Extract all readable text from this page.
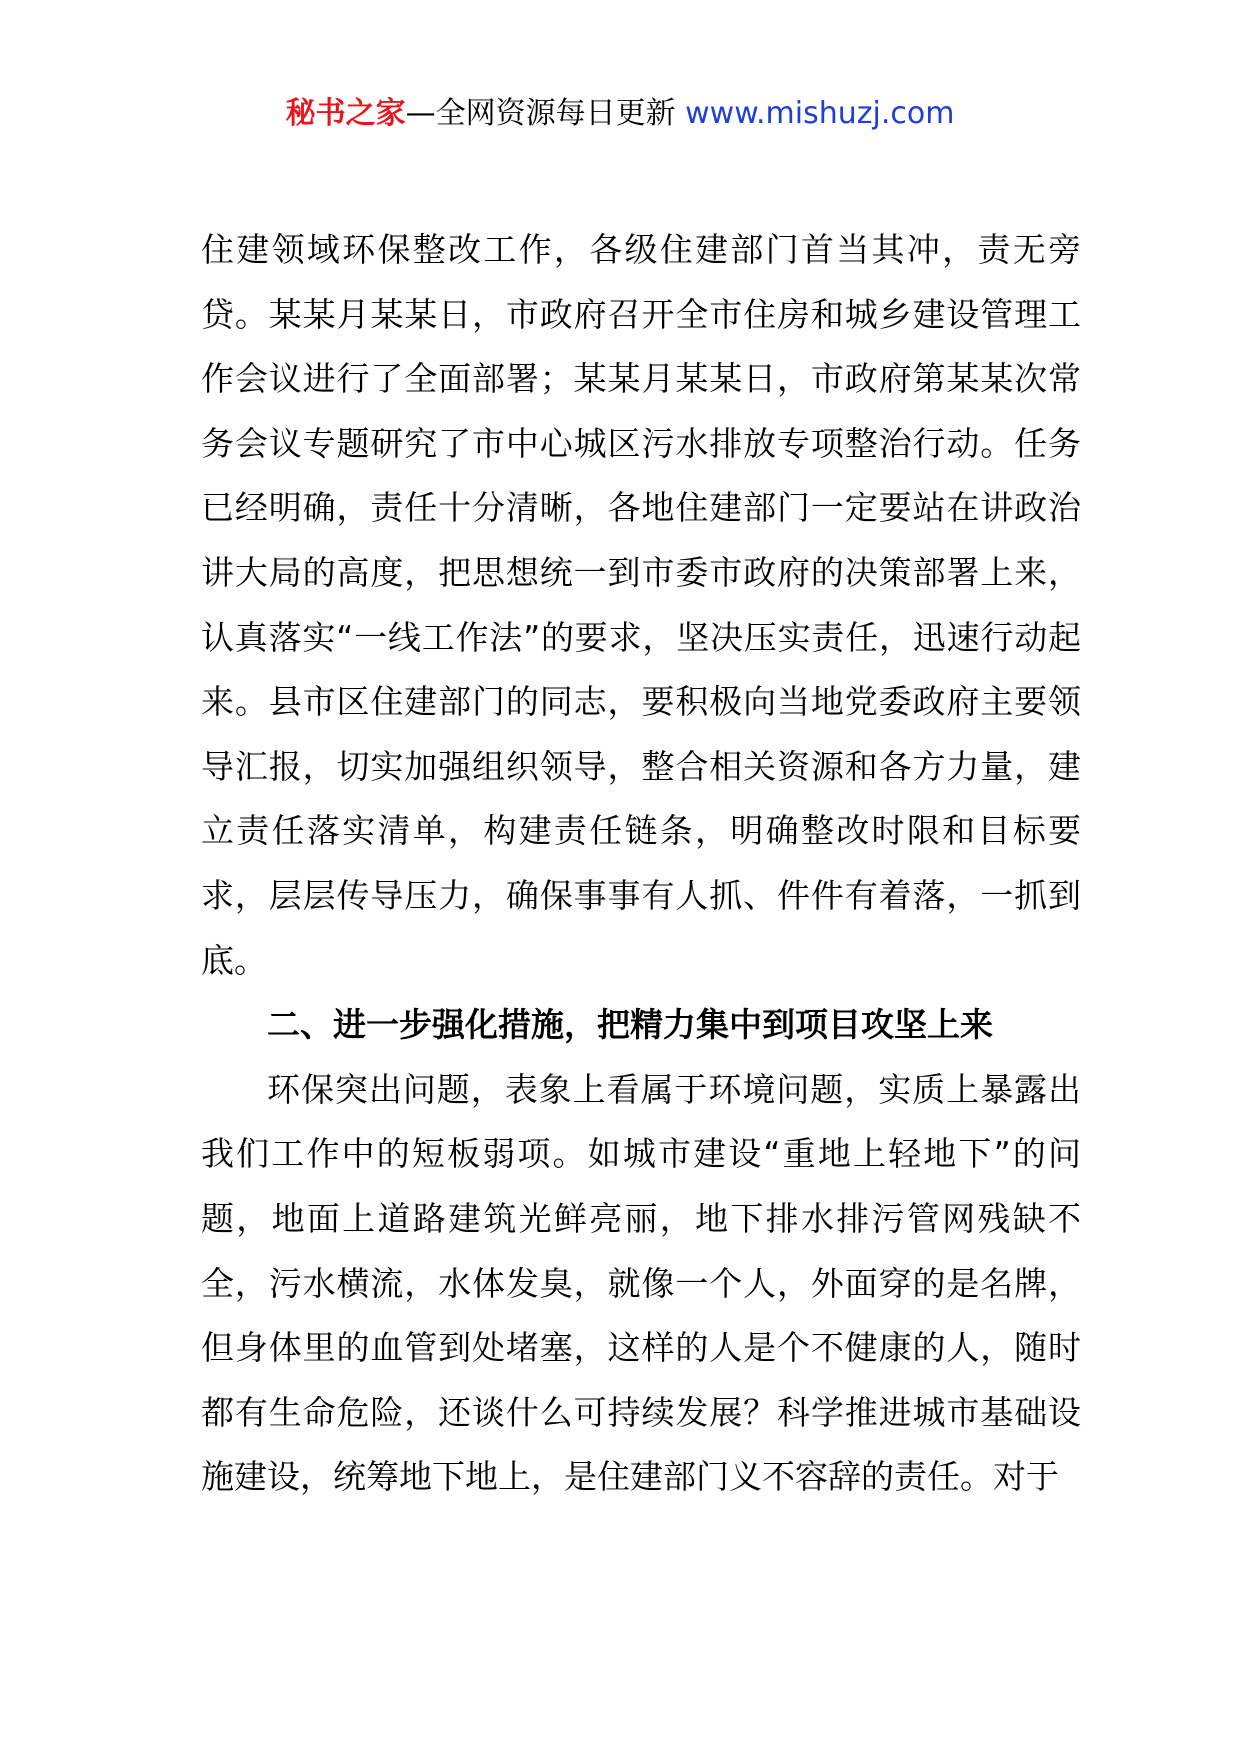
秘书之家—全网资源每日更新 www.mishuzj.com

住建领域环保整改工作，各级住建部门首当其冲，责无旁贷。某某月某某日，市政府召开全市住房和城乡建设管理工作会议进行了全面部署；某某月某某日，市政府第某某次常务会议专题研究了市中心城区污水排放专项整治行动。任务已经明确，责任十分清晰，各地住建部门一定要站在讲政治讲大局的高度，把思想统一到市委市政府的决策部署上来，认真落实“一线工作法”的要求，坚决压实责任，迅速行动起来。县市区住建部门的同志，要积极向当地党委政府主要领导汇报，切实加强组织领导，整合相关资源和各方力量，建立责任落实清单，构建责任链条，明确整改时限和目标要求，层层传导压力，确保事事有人抓、件件有着落，一抓到底。

二、进一步强化措施，把精力集中到项目攻坚上来

环保突出问题，表象上看属于环境问题，实质上暴露出我们工作中的短板弱项。如城市建设“重地上轻地下”的问题，地面上道路建筑光鲜亮丽，地下排水排污管网残缺不全，污水横流，水体发臭，就像一个人，外面穿的是名牌，但身体里的血管到处堵塞，这样的人是个不健康的人，随时都有生命危险，还谈什么可持续发展？科学推进城市基础设施建设，统筹地下地上，是住建部门义不容辞的责任。对于
